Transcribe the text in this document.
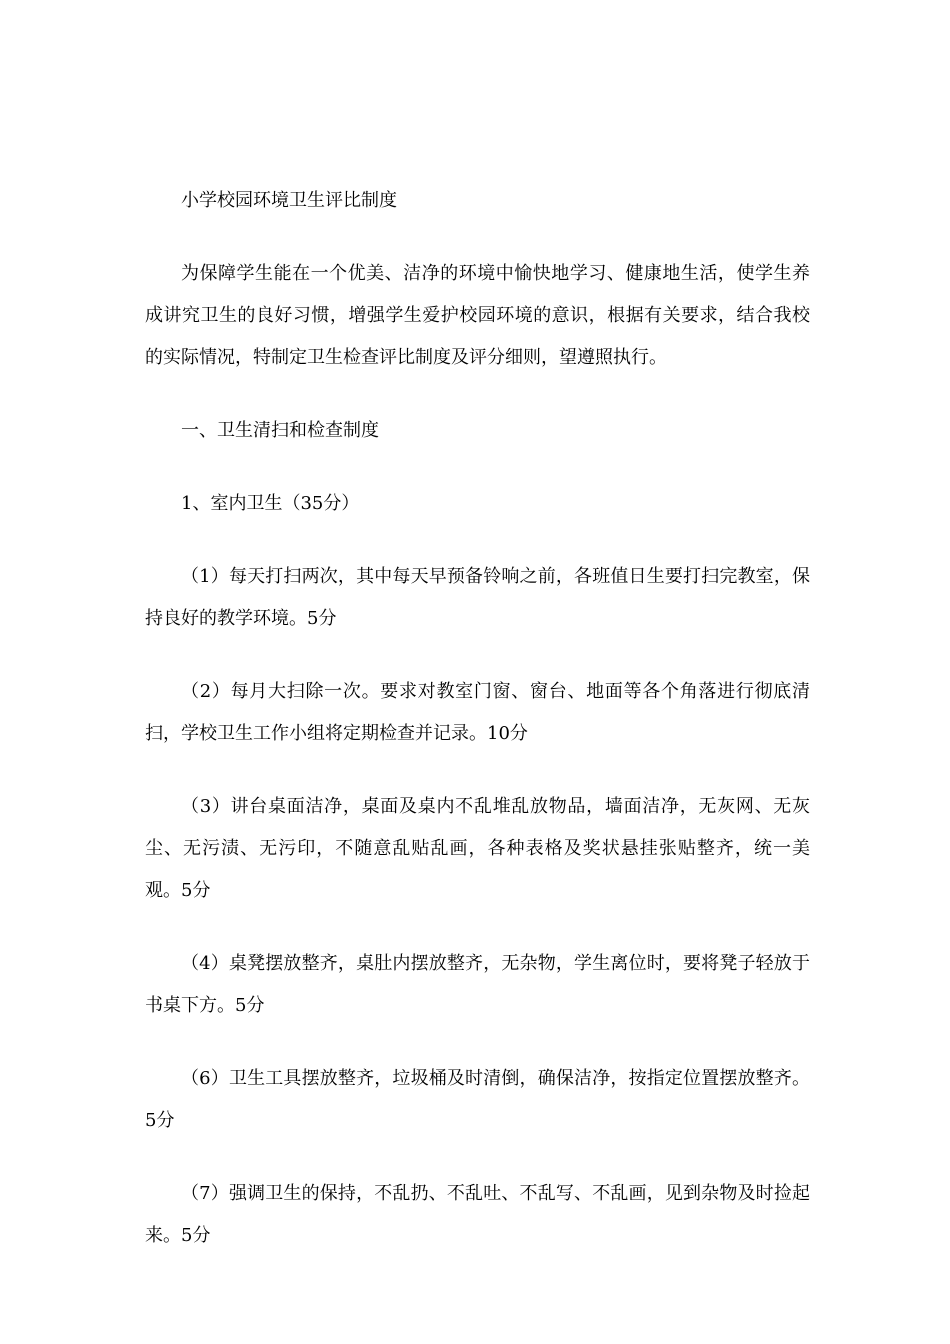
小学校园环境卫生评比制度

为保障学生能在一个优美、洁净的环境中愉快地学习、健康地生活，使学生养成讲究卫生的良好习惯，增强学生爱护校园环境的意识，根据有关要求，结合我校的实际情况，特制定卫生检查评比制度及评分细则，望遵照执行。

一、卫生清扫和检查制度

1、室内卫生（35分）

（1）每天打扫两次，其中每天早预备铃响之前，各班值日生要打扫完教室，保持良好的教学环境。5分

（2）每月大扫除一次。要求对教室门窗、窗台、地面等各个角落进行彻底清扫，学校卫生工作小组将定期检查并记录。10分

（3）讲台桌面洁净，桌面及桌内不乱堆乱放物品，墙面洁净，无灰网、无灰尘、无污渍、无污印，不随意乱贴乱画，各种表格及奖状悬挂张贴整齐，统一美观。5分

（4）桌凳摆放整齐，桌肚内摆放整齐，无杂物，学生离位时，要将凳子轻放于书桌下方。5分

（6）卫生工具摆放整齐，垃圾桶及时清倒，确保洁净，按指定位置摆放整齐。5分

（7）强调卫生的保持，不乱扔、不乱吐、不乱写、不乱画，见到杂物及时捡起来。5分
